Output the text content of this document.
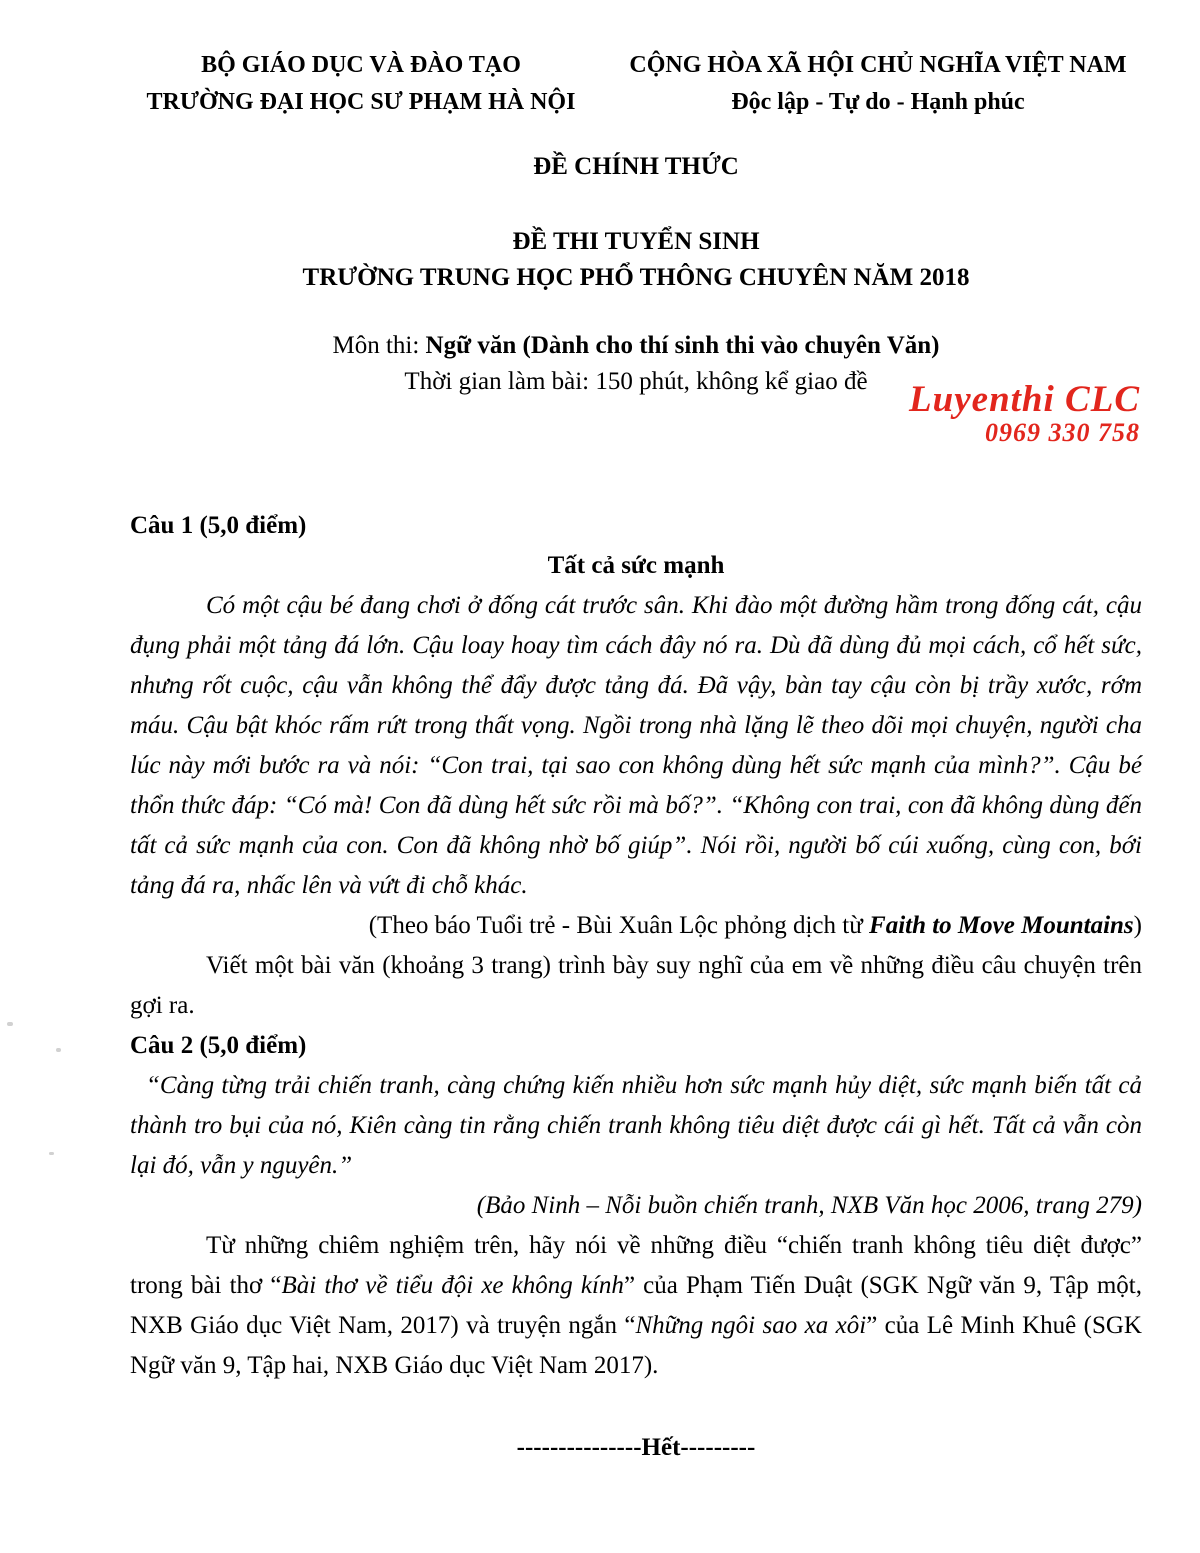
BỘ GIÁO DỤC VÀ ĐÀO TẠO
TRƯỜNG ĐẠI HỌC SƯ PHẠM HÀ NỘI
CỘNG HÒA XÃ HỘI CHỦ NGHĨA VIỆT NAM
Độc lập - Tự do - Hạnh phúc
ĐỀ CHÍNH THỨC
ĐỀ THI TUYỂN SINH
TRƯỜNG TRUNG HỌC PHỔ THÔNG CHUYÊN NĂM 2018
Môn thi: Ngữ văn (Dành cho thí sinh thi vào chuyên Văn)
Thời gian làm bài: 150 phút, không kể giao đề
Câu 1 (5,0 điểm)
Tất cả sức mạnh
Có một cậu bé đang chơi ở đống cát trước sân. Khi đào một đường hầm trong đống cát, cậu đụng phải một tảng đá lớn. Cậu loay hoay tìm cách đây nó ra. Dù đã dùng đủ mọi cách, cổ hết sức, nhưng rốt cuộc, cậu vẫn không thể đẩy được tảng đá. Đã vậy, bàn tay cậu còn bị trầy xước, rớm máu. Cậu bật khóc rấm rứt trong thất vọng. Ngồi trong nhà lặng lẽ theo dõi mọi chuyện, người cha lúc này mới bước ra và nói: “Con trai, tại sao con không dùng hết sức mạnh của mình?”. Cậu bé thổn thức đáp: “Có mà! Con đã dùng hết sức rồi mà bố?”. “Không con trai, con đã không dùng đến tất cả sức mạnh của con. Con đã không nhờ bố giúp”. Nói rồi, người bố cúi xuống, cùng con, bới tảng đá ra, nhấc lên và vứt đi chỗ khác.
(Theo báo Tuổi trẻ - Bùi Xuân Lộc phỏng dịch từ Faith to Move Mountains)
Viết một bài văn (khoảng 3 trang) trình bày suy nghĩ của em về những điều câu chuyện trên gợi ra.
Câu 2 (5,0 điểm)
“Càng từng trải chiến tranh, càng chứng kiến nhiều hơn sức mạnh hủy diệt, sức mạnh biến tất cả thành tro bụi của nó, Kiên càng tin rằng chiến tranh không tiêu diệt được cái gì hết. Tất cả vẫn còn lại đó, vẫn y nguyên.”
(Bảo Ninh – Nỗi buồn chiến tranh, NXB Văn học 2006, trang 279)
Từ những chiêm nghiệm trên, hãy nói về những điều “chiến tranh không tiêu diệt được” trong bài thơ “Bài thơ về tiểu đội xe không kính” của Phạm Tiến Duật (SGK Ngữ văn 9, Tập một, NXB Giáo dục Việt Nam, 2017) và truyện ngắn “Những ngôi sao xa xôi” của Lê Minh Khuê (SGK Ngữ văn 9, Tập hai, NXB Giáo dục Việt Nam 2017).
---------------Hết---------
Luyenthi CLC
0969 330 758
